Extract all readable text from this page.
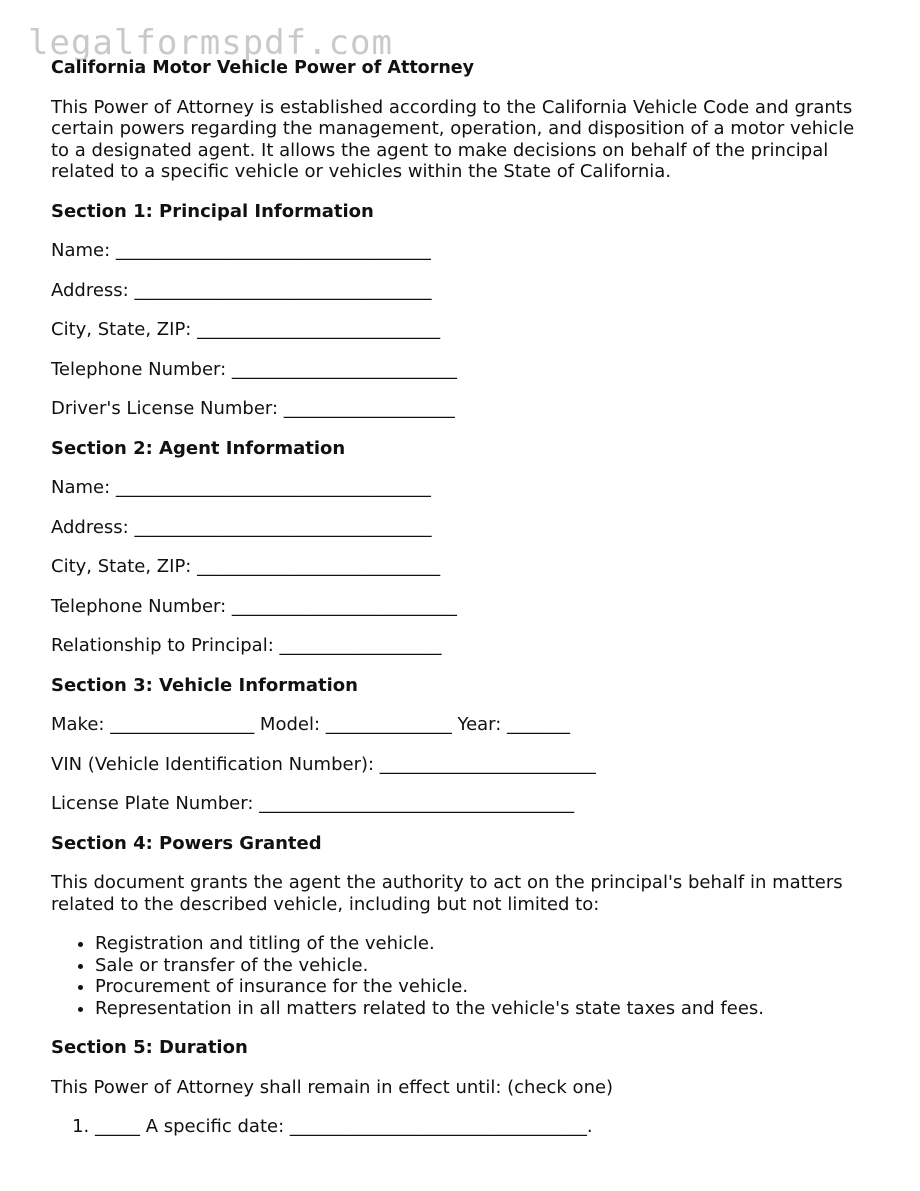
legalformspdf.com
California Motor Vehicle Power of Attorney
This Power of Attorney is established according to the California Vehicle Code and grants certain powers regarding the management, operation, and disposition of a motor vehicle to a designated agent. It allows the agent to make decisions on behalf of the principal related to a specific vehicle or vehicles within the State of California.
Section 1: Principal Information
Name: ___________________________________
Address: _________________________________
City, State, ZIP: ___________________________
Telephone Number: _________________________
Driver's License Number: ___________________
Section 2: Agent Information
Name: ___________________________________
Address: _________________________________
City, State, ZIP: ___________________________
Telephone Number: _________________________
Relationship to Principal: __________________
Section 3: Vehicle Information
Make: ________________ Model: ______________ Year: _______
VIN (Vehicle Identification Number): ________________________
License Plate Number: ___________________________________
Section 4: Powers Granted
This document grants the agent the authority to act on the principal's behalf in matters related to the described vehicle, including but not limited to:
• Registration and titling of the vehicle.
• Sale or transfer of the vehicle.
• Procurement of insurance for the vehicle.
• Representation in all matters related to the vehicle's state taxes and fees.
Section 5: Duration
This Power of Attorney shall remain in effect until: (check one)
1. _____ A specific date: _________________________________.
